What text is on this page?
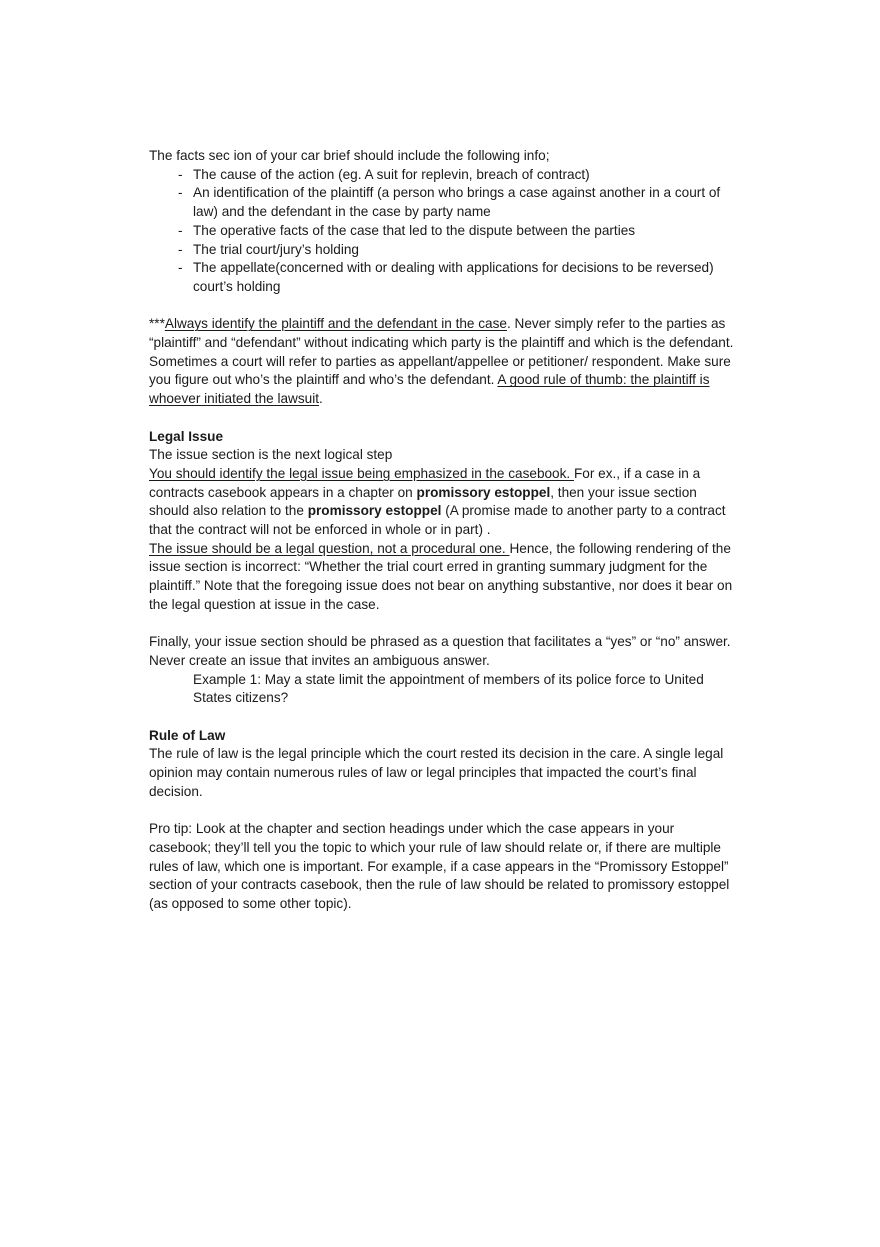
The facts sec ion of your car brief should include the following info;

- The cause of the action (eg. A suit for replevin, breach of contract)
- An identification of the plaintiff (a person who brings a case against another in a court of law) and the defendant in the case by party name
- The operative facts of the case that led to the dispute between the parties
- The trial court/jury’s holding
- The appellate(concerned with or dealing with applications for decisions to be reversed) court’s holding

***Always identify the plaintiff and the defendant in the case. Never simply refer to the parties as “plaintiff” and “defendant” without indicating which party is the plaintiff and which is the defendant. Sometimes a court will refer to parties as appellant/appellee or petitioner/ respondent. Make sure you figure out who’s the plaintiff and who’s the defendant. A good rule of thumb: the plaintiff is whoever initiated the lawsuit.

Legal Issue

The issue section is the next logical step

You should identify the legal issue being emphasized in the casebook. For ex., if a case in a contracts casebook appears in a chapter on promissory estoppel, then your issue section should also relation to the promissory estoppel (A promise made to another party to a contract that the contract will not be enforced in whole or in part) .

The issue should be a legal question, not a procedural one. Hence, the following rendering of the issue section is incorrect: “Whether the trial court erred in granting summary judgment for the plaintiff.” Note that the foregoing issue does not bear on anything substantive, nor does it bear on the legal question at issue in the case.

Finally, your issue section should be phrased as a question that facilitates a “yes” or “no” answer. Never create an issue that invites an ambiguous answer.

Example 1: May a state limit the appointment of members of its police force to United States citizens?

Rule of Law

The rule of law is the legal principle which the court rested its decision in the care. A single legal opinion may contain numerous rules of law or legal principles that impacted the court’s final decision.

Pro tip: Look at the chapter and section headings under which the case appears in your casebook; they’ll tell you the topic to which your rule of law should relate or, if there are multiple rules of law, which one is important. For example, if a case appears in the “Promissory Estoppel” section of your contracts casebook, then the rule of law should be related to promissory estoppel (as opposed to some other topic).
